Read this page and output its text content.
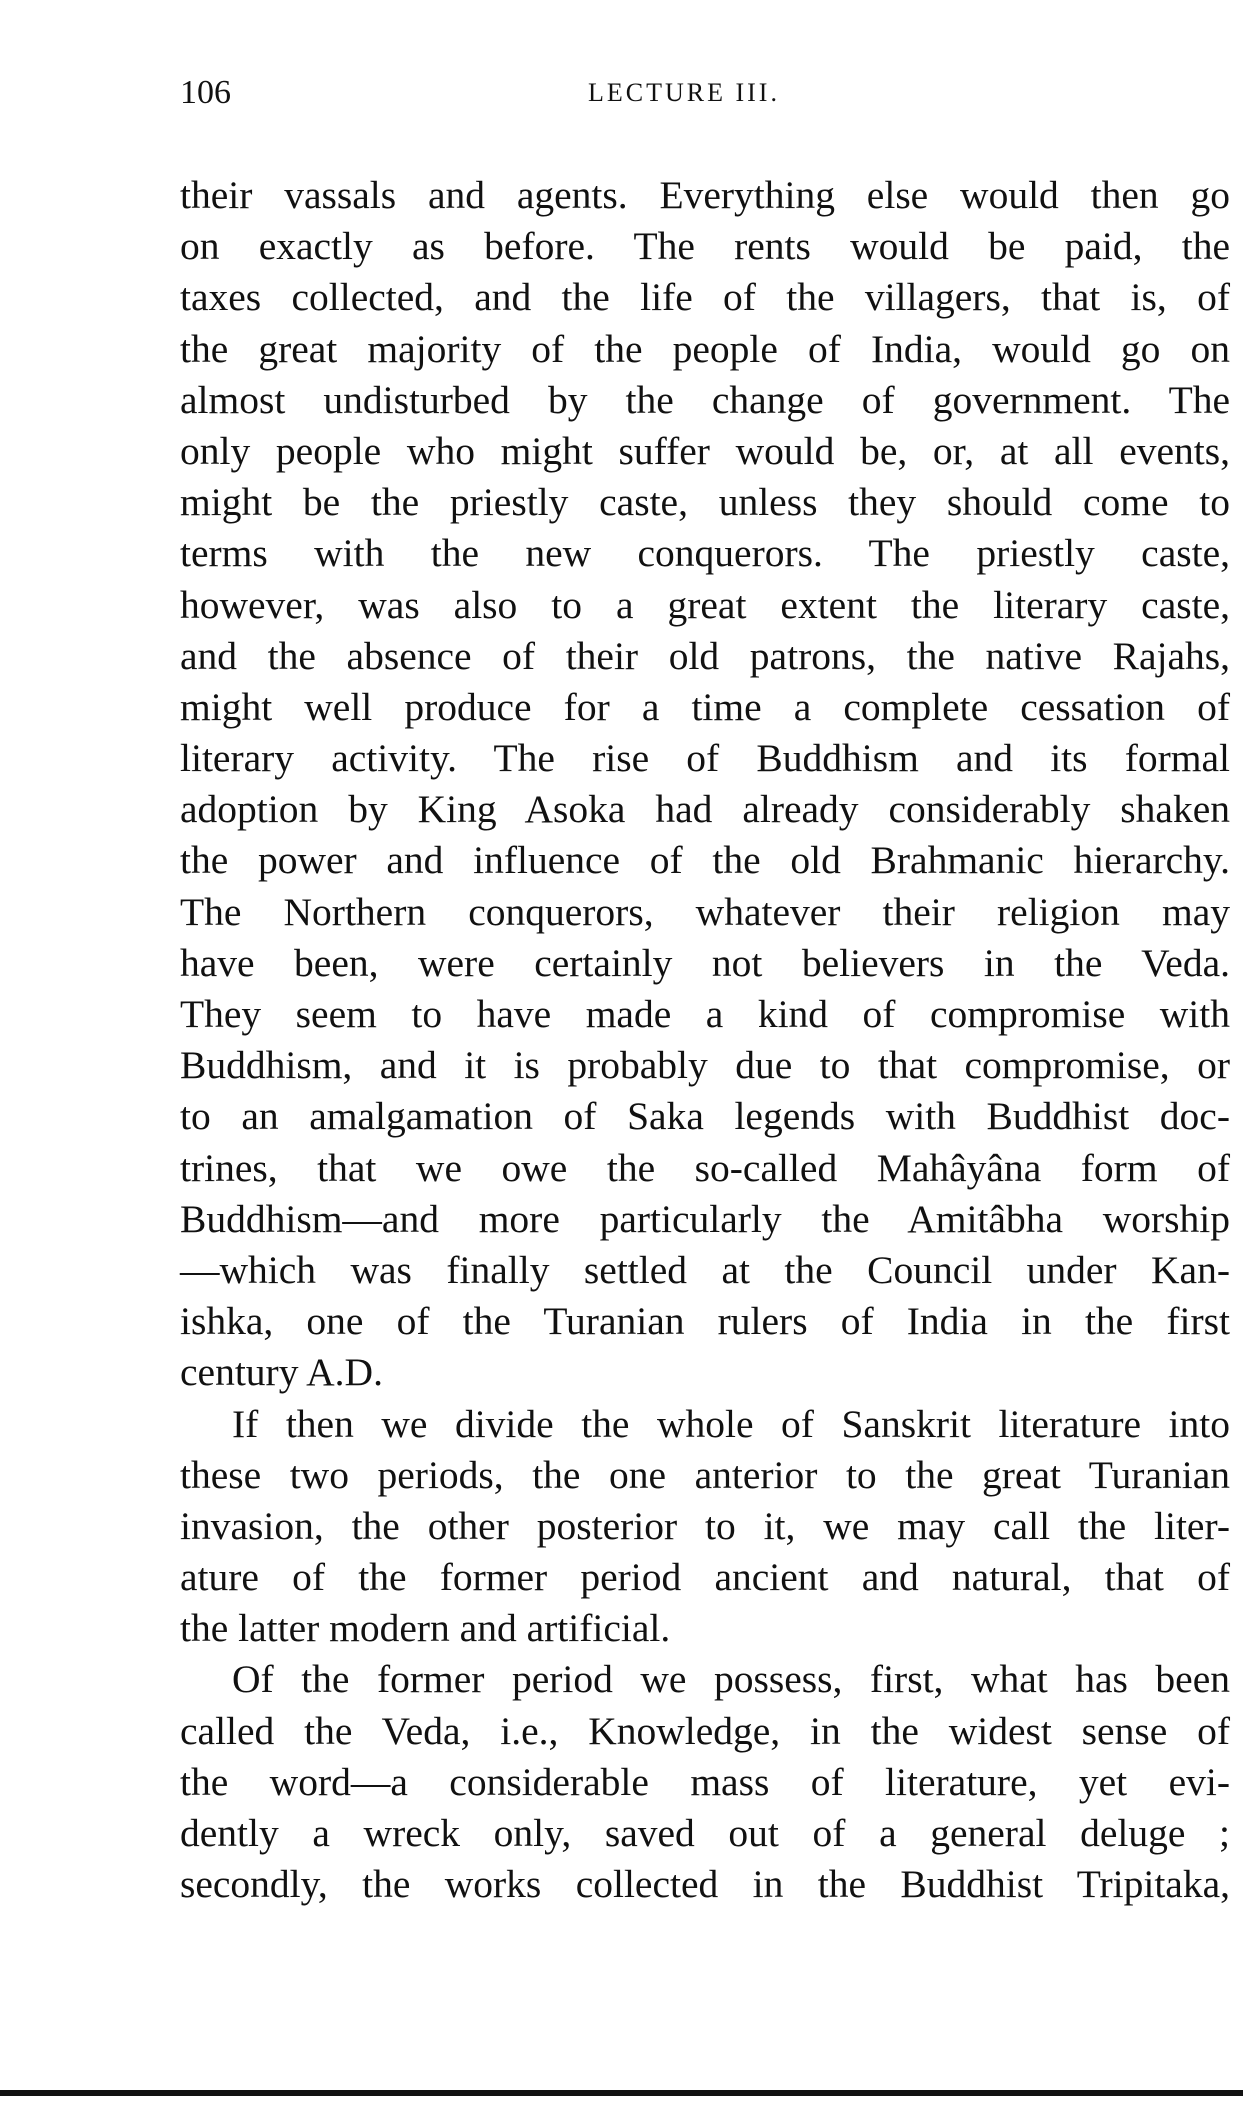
106	LECTURE III.
their vassals and agents. Everything else would then go
on exactly as before. The rents would be paid, the
taxes collected, and the life of the villagers, that is, of
the great majority of the people of India, would go on
almost undisturbed by the change of government. The
only people who might suffer would be, or, at all events,
might be the priestly caste, unless they should come to
terms with the new conquerors. The priestly caste,
however, was also to a great extent the literary caste,
and the absence of their old patrons, the native Rajahs,
might well produce for a time a complete cessation of
literary activity. The rise of Buddhism and its formal
adoption by King Asoka had already considerably shaken
the power and influence of the old Brahmanic hierarchy.
The Northern conquerors, whatever their religion may
have been, were certainly not believers in the Veda.
They seem to have made a kind of compromise with
Buddhism, and it is probably due to that compromise, or
to an amalgamation of Saka legends with Buddhist doc-
trines, that we owe the so-called Mahâyâna form of
Buddhism—and more particularly the Amitâbha worship
—which was finally settled at the Council under Kan-
ishka, one of the Turanian rulers of India in the first
century A.D.
If then we divide the whole of Sanskrit literature into
these two periods, the one anterior to the great Turanian
invasion, the other posterior to it, we may call the liter-
ature of the former period ancient and natural, that of
the latter modern and artificial.
Of the former period we possess, first, what has been
called the Veda, i.e., Knowledge, in the widest sense of
the word—a considerable mass of literature, yet evi-
dently a wreck only, saved out of a general deluge ;
secondly, the works collected in the Buddhist Tripitaka,
